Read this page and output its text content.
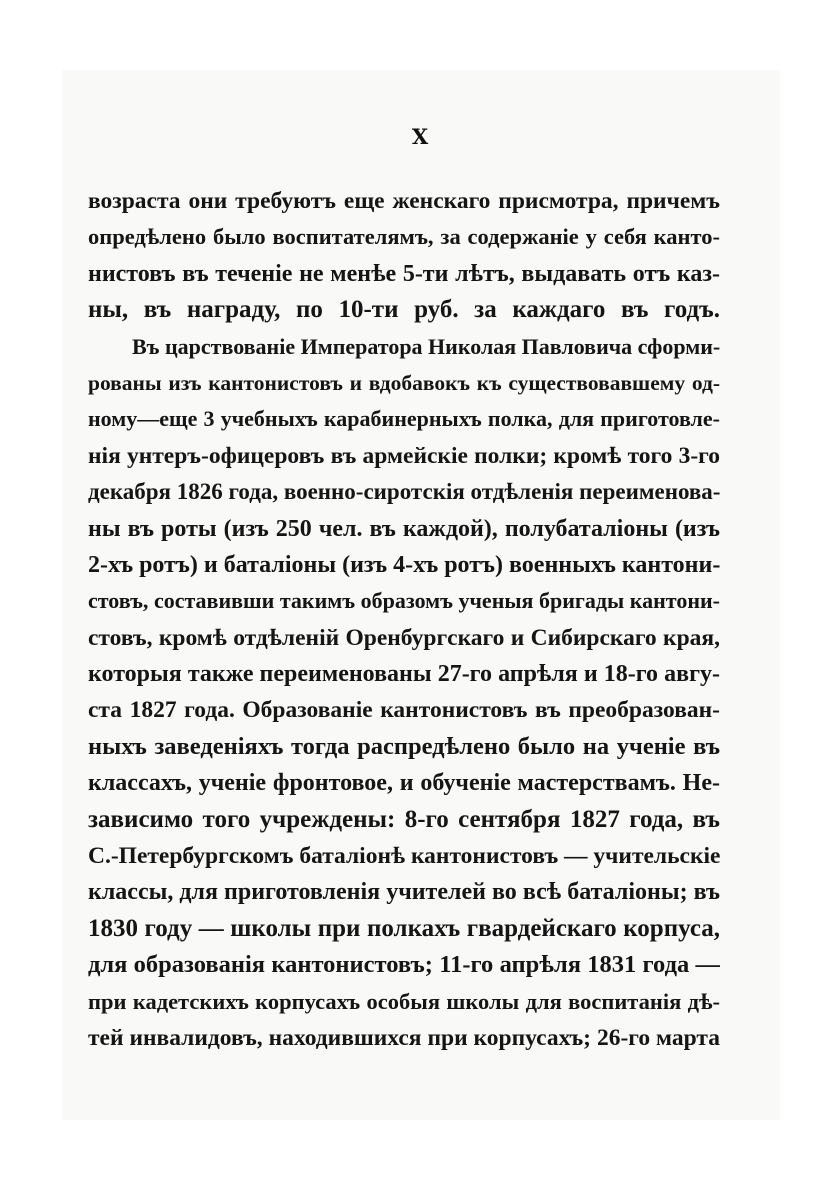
X
возраста они требуютъ еще женскаго присмотра, причемъ
опредѣлено было воспитателямъ, за содержаніе у себя канто-
нистовъ въ теченіе не менѣе 5-ти лѣтъ, выдавать отъ каз-
ны, въ награду, по 10-ти руб. за каждаго въ годъ.
Въ царствованіе Императора Николая Павловича сформи-
рованы изъ кантонистовъ и вдобавокъ къ существовавшему од-
ному—еще 3 учебныхъ карабинерныхъ полка, для приготовле-
нія унтеръ-офицеровъ въ армейскіе полки; кромѣ того 3-го
декабря 1826 года, военно-сиротскія отдѣленія переименова-
ны въ роты (изъ 250 чел. въ каждой), полубаталіоны (изъ
2-хъ ротъ) и баталіоны (изъ 4-хъ ротъ) военныхъ кантони-
стовъ, составивши такимъ образомъ ученыя бригады кантони-
стовъ, кромѣ отдѣленій Оренбургскаго и Сибирскаго края,
которыя также переименованы 27-го апрѣля и 18-го авгу-
ста 1827 года. Образованіе кантонистовъ въ преобразован-
ныхъ заведеніяхъ тогда распредѣлено было на ученіе въ
классахъ, ученіе фронтовое, и обученіе мастерствамъ. Не-
зависимо того учреждены: 8-го сентября 1827 года, въ
С.-Петербургскомъ баталіонѣ кантонистовъ — учительскіе
классы, для приготовленія учителей во всѣ баталіоны; въ
1830 году — школы при полкахъ гвардейскаго корпуса,
для образованія кантонистовъ; 11-го апрѣля 1831 года —
при кадетскихъ корпусахъ особыя школы для воспитанія дѣ-
тей инвалидовъ, находившихся при корпусахъ; 26-го марта
